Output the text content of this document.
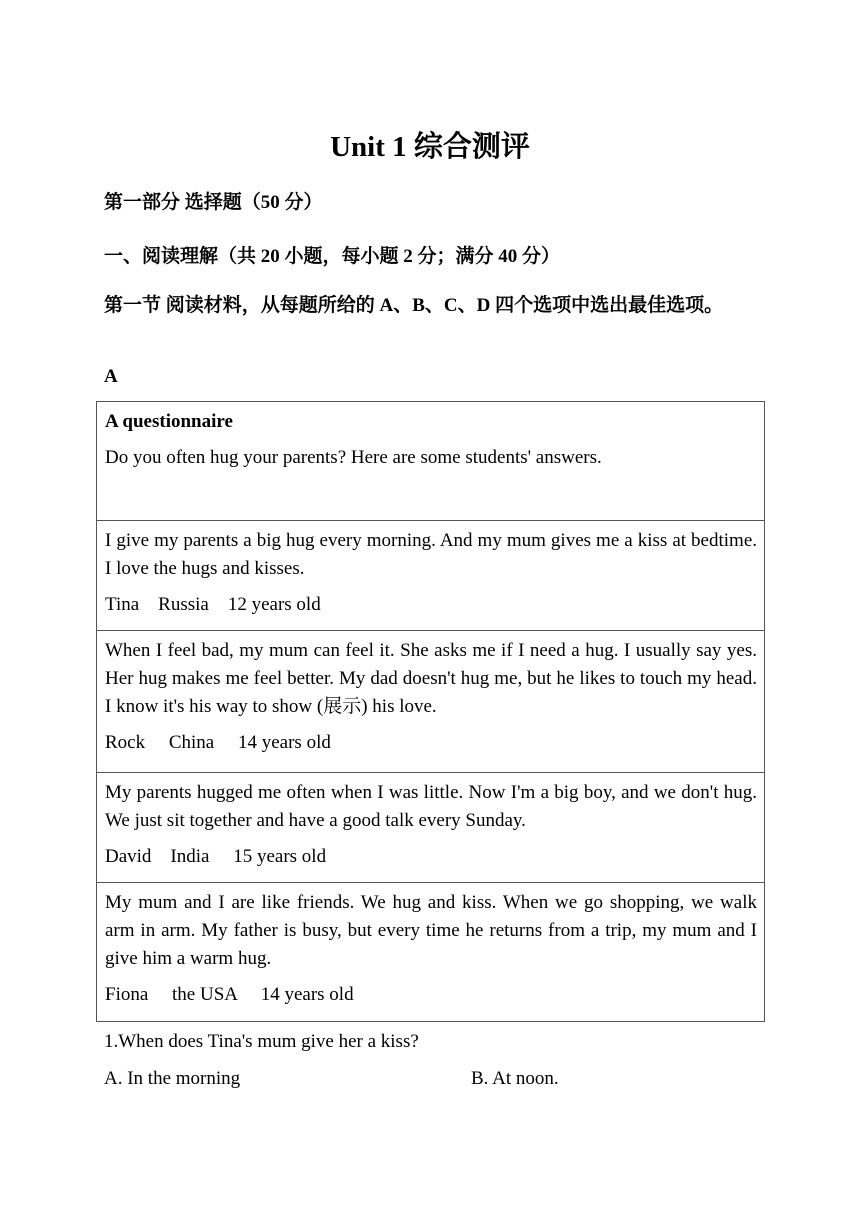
Unit 1 综合测评

第一部分 选择题（50 分）

一、阅读理解（共 20 小题，每小题 2 分；满分 40 分）

第一节 阅读材料，从每题所给的 A、B、C、D 四个选项中选出最佳选项。

A

A questionnaire

Do you often hug your parents? Here are some students' answers.

I give my parents a big hug every morning. And my mum gives me a kiss at bedtime. I love the hugs and kisses.

Tina    Russia    12 years old

When I feel bad, my mum can feel it. She asks me if I need a hug. I usually say yes. Her hug makes me feel better. My dad doesn't hug me, but he likes to touch my head. I know it's his way to show (展示) his love.

Rock     China     14 years old

My parents hugged me often when I was little. Now I'm a big boy, and we don't hug. We just sit together and have a good talk every Sunday.

David    India     15 years old

My mum and I are like friends. We hug and kiss. When we go shopping, we walk arm in arm. My father is busy, but every time he returns from a trip, my mum and I give him a warm hug.

Fiona     the USA     14 years old

1.When does Tina's mum give her a kiss?

A. In the morning	B. At noon.
